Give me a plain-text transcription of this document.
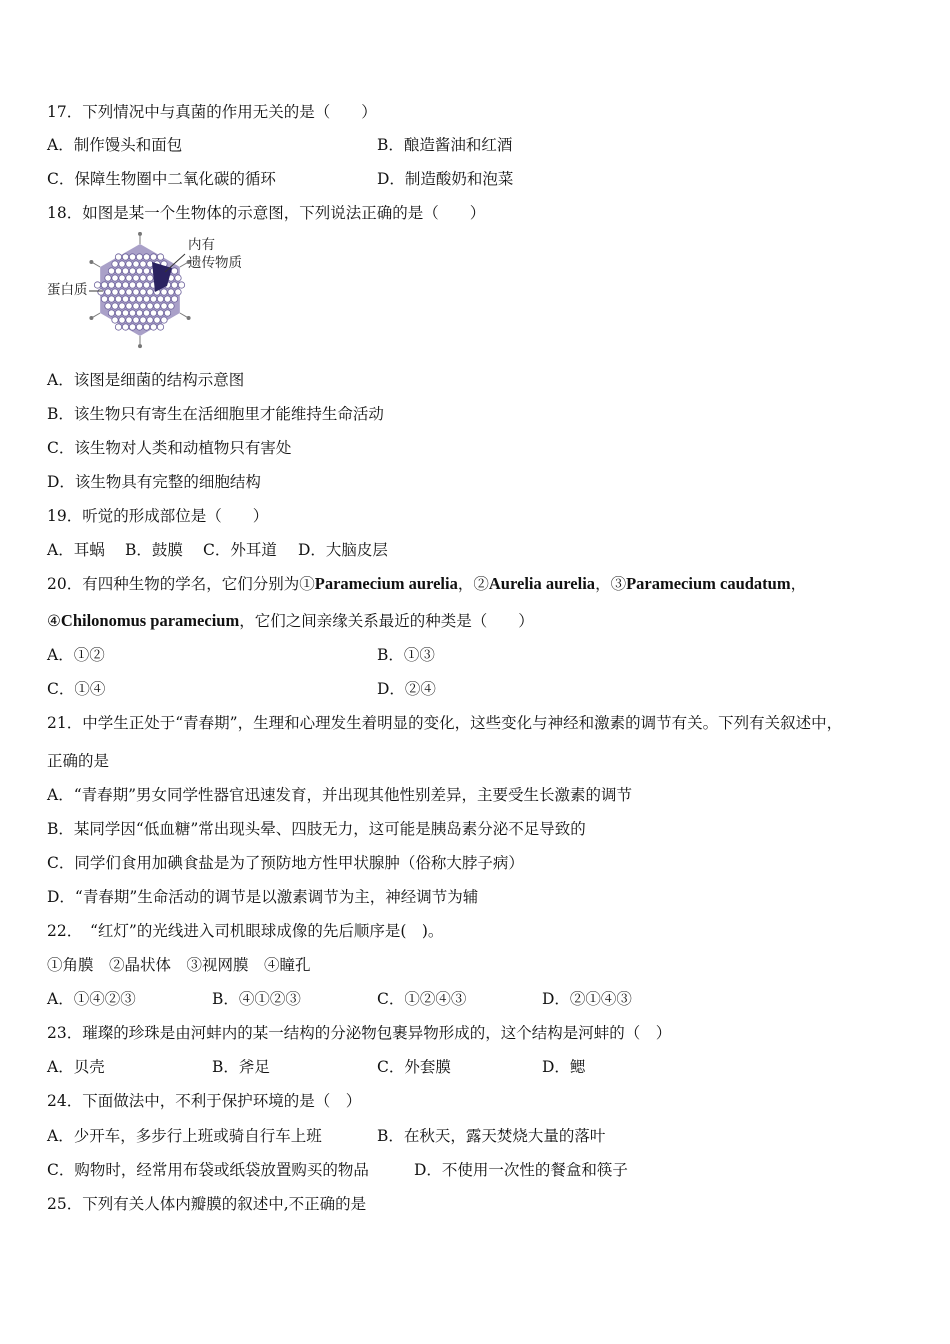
17．下列情况中与真菌的作用无关的是（　　）
A．制作馒头和面包	B．酿造酱油和红酒
C．保障生物圈中二氧化碳的循环	D．制造酸奶和泡菜
18．如图是某一个生物体的示意图，下列说法正确的是（　　）
内有
遗传物质
蛋白质
A．该图是细菌的结构示意图
B．该生物只有寄生在活细胞里才能维持生命活动
C．该生物对人类和动植物只有害处
D．该生物具有完整的细胞结构
19．听觉的形成部位是（　　）
A．耳蜗 B．鼓膜 C．外耳道 D．大脑皮层
20．有四种生物的学名，它们分别为①Paramecium aurelia，②Aurelia aurelia，③Paramecium caudatum，
④Chilonomus paramecium，它们之间亲缘关系最近的种类是（　　）
A．①②	B．①③
C．①④	D．②④
21．中学生正处于“青春期”，生理和心理发生着明显的变化，这些变化与神经和激素的调节有关。下列有关叙述中，
正确的是
A．“青春期”男女同学性器官迅速发育，并出现其他性别差异，主要受生长激素的调节
B．某同学因“低血糖”常出现头晕、四肢无力，这可能是胰岛素分泌不足导致的
C．同学们食用加碘食盐是为了预防地方性甲状腺肿（俗称大脖子病）
D．“青春期”生命活动的调节是以激素调节为主，神经调节为辅
22．　“红灯”的光线进入司机眼球成像的先后顺序是(　)。
①角膜　②晶状体　③视网膜　④瞳孔
A．①④②③	B．④①②③	C．①②④③	D．②①④③
23．璀璨的珍珠是由河蚌内的某一结构的分泌物包裹异物形成的，这个结构是河蚌的（　）
A．贝壳	B．斧足	C．外套膜	D．鳃
24．下面做法中，不利于保护环境的是（　）
A．少开车，多步行上班或骑自行车上班	B．在秋天，露天焚烧大量的落叶
C．购物时，经常用布袋或纸袋放置购买的物品	D．不使用一次性的餐盒和筷子
25．下列有关人体内瓣膜的叙述中,不正确的是
